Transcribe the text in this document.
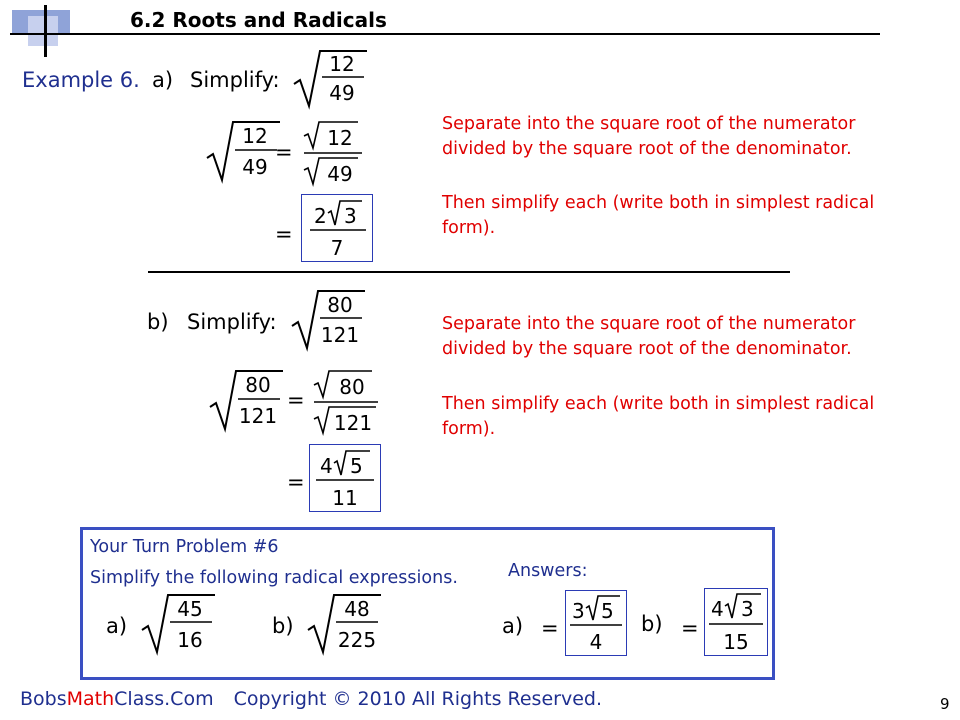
6.2 Roots and Radicals
Example 6. a) Simplify:
12
49
12
49
=
12
49
=
2 3
7
Separate into the square root of the numerator divided by the square root of the denominator.
Then simplify each (write both in simplest radical form).
b) Simplify:
80
121
80
121
=
80
121
=
4 5
11
Separate into the square root of the numerator divided by the square root of the denominator.
Then simplify each (write both in simplest radical form).
Your Turn Problem #6
Simplify the following radical expressions.
a)
45
16
b)
48
225
Answers:
a) =
3 5
4
b) =
4 3
15
BobsMathClass.Com Copyright © 2010 All Rights Reserved.	9
